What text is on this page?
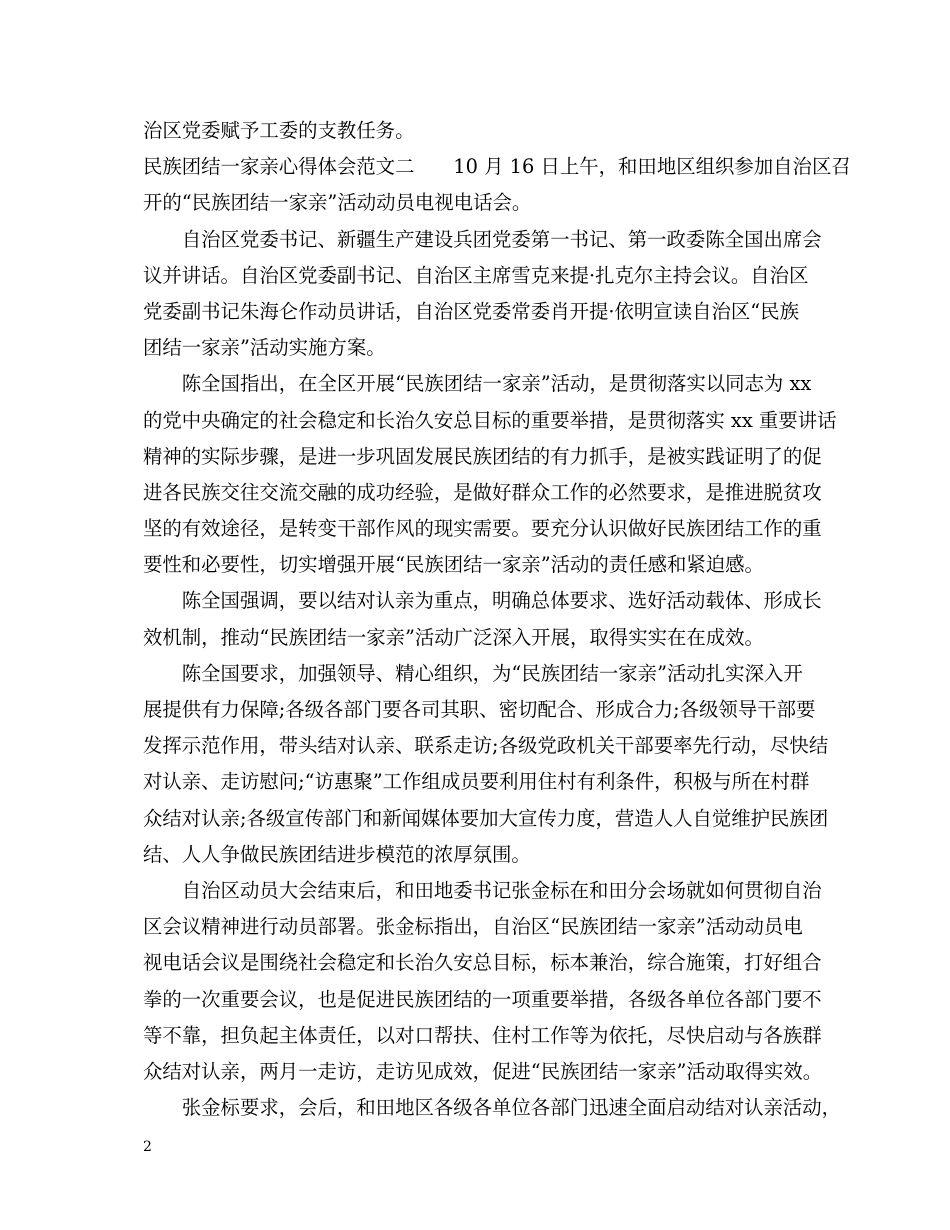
治区党委赋予工委的支教任务。
民族团结一家亲心得体会范文二　　10 月 16 日上午，和田地区组织参加自治区召
开的“民族团结一家亲”活动动员电视电话会。
　　自治区党委书记、新疆生产建设兵团党委第一书记、第一政委陈全国出席会
议并讲话。自治区党委副书记、自治区主席雪克来提·扎克尔主持会议。自治区
党委副书记朱海仑作动员讲话，自治区党委常委肖开提·依明宣读自治区“民族
团结一家亲”活动实施方案。
　　陈全国指出，在全区开展“民族团结一家亲”活动，是贯彻落实以同志为 xx
的党中央确定的社会稳定和长治久安总目标的重要举措，是贯彻落实 xx 重要讲话
精神的实际步骤，是进一步巩固发展民族团结的有力抓手，是被实践证明了的促
进各民族交往交流交融的成功经验，是做好群众工作的必然要求，是推进脱贫攻
坚的有效途径，是转变干部作风的现实需要。要充分认识做好民族团结工作的重
要性和必要性，切实增强开展“民族团结一家亲”活动的责任感和紧迫感。
　　陈全国强调，要以结对认亲为重点，明确总体要求、选好活动载体、形成长
效机制，推动“民族团结一家亲”活动广泛深入开展，取得实实在在成效。
　　陈全国要求，加强领导、精心组织，为“民族团结一家亲”活动扎实深入开
展提供有力保障;各级各部门要各司其职、密切配合、形成合力;各级领导干部要
发挥示范作用，带头结对认亲、联系走访;各级党政机关干部要率先行动，尽快结
对认亲、走访慰问;“访惠聚”工作组成员要利用住村有利条件，积极与所在村群
众结对认亲;各级宣传部门和新闻媒体要加大宣传力度，营造人人自觉维护民族团
结、人人争做民族团结进步模范的浓厚氛围。
　　自治区动员大会结束后，和田地委书记张金标在和田分会场就如何贯彻自治
区会议精神进行动员部署。张金标指出，自治区“民族团结一家亲”活动动员电
视电话会议是围绕社会稳定和长治久安总目标，标本兼治，综合施策，打好组合
拳的一次重要会议，也是促进民族团结的一项重要举措，各级各单位各部门要不
等不靠，担负起主体责任，以对口帮扶、住村工作等为依托，尽快启动与各族群
众结对认亲，两月一走访，走访见成效，促进“民族团结一家亲”活动取得实效。
　　张金标要求，会后，和田地区各级各单位各部门迅速全面启动结对认亲活动，
2
